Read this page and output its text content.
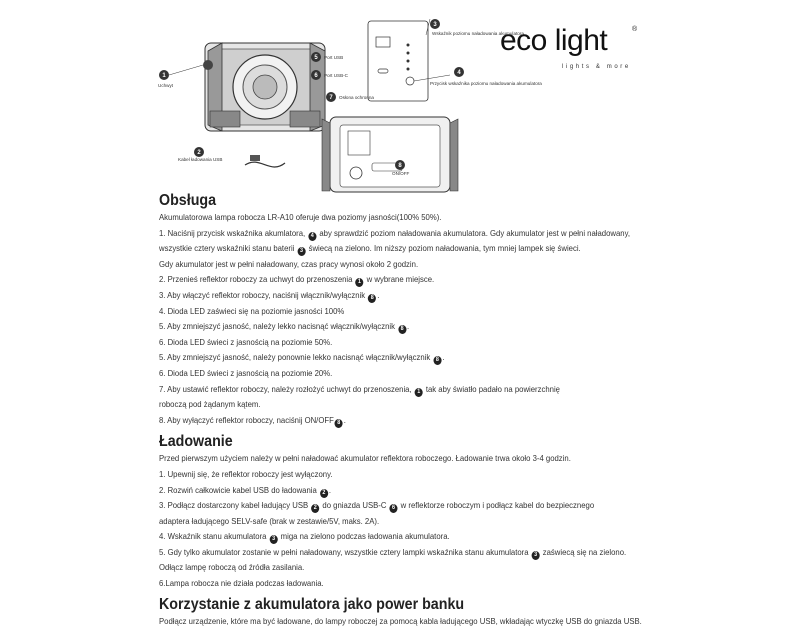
1
Uchwyt
2
Kabel ładowania USB
3
Wskaźnik poziomu naładowania akumulatora
5 Port USB
6 Port USB-C
7 Osłona ochronna
4
Przycisk wskaźnika poziomu naładowania akumulatora
8
ON/OFF
eco light	®
lights & more
Obsługa

Akumulatorowa lampa robocza LR-A10 oferuje dwa poziomy jasności(100% 50%).

1. Naciśnij przycisk wskaźnika akumlatora, 4 aby sprawdzić poziom naładowania akumulatora. Gdy akumulator jest w pełni naładowany,

wszystkie cztery wskaźniki stanu baterii 3 świecą na zielono. Im niższy poziom naładowania, tym mniej lampek się świeci.

Gdy akumulator jest w pełni naładowany, czas pracy wynosi około 2 godzin.

2. Przenieś reflektor roboczy za uchwyt do przenoszenia 1 w wybrane miejsce.

3. Aby włączyć reflektor roboczy, naciśnij włącznik/wyłącznik 8 .

4. Dioda LED zaświeci się na poziomie jasności 100%

5. Aby zmniejszyć jasność, należy lekko nacisnąć włącznik/wyłącznik 8 .

6. Dioda LED świeci z jasnością na poziomie 50%.

5. Aby zmniejszyć jasność, należy ponownie lekko nacisnąć włącznik/wyłącznik 8 .

6. Dioda LED świeci z jasnością na poziomie 20%.

7. Aby ustawić reflektor roboczy, należy rozłożyć uchwyt do przenoszenia, 1 tak aby światło padało na powierzchnię

roboczą pod żądanym kątem.

8. Aby wyłączyć reflektor roboczy, naciśnij ON/OFF 8 .

Ładowanie

Przed pierwszym użyciem należy w pełni naładować akumulator reflektora roboczego. Ładowanie trwa około 3-4 godzin.

1. Upewnij się, że reflektor roboczy jest wyłączony.

2. Rozwiń całkowicie kabel USB do ładowania 2 .

3. Podłącz dostarczony kabel ładujący USB 2 do gniazda USB-C 6 w reflektorze roboczym i podłącz kabel do bezpiecznego

adaptera ładującego SELV-safe (brak w zestawie/5V, maks. 2A).

4. Wskaźnik stanu akumulatora 3 miga na zielono podczas ładowania akumulatora.

5. Gdy tylko akumulator zostanie w pełni naładowany, wszystkie cztery lampki wskaźnika stanu akumulatora 3 zaświecą się na zielono.

Odłącz lampę roboczą od źródła zasilania.

6.Lampa robocza nie działa podczas ładowania.

Korzystanie z akumulatora jako power banku

Podłącz urządzenie, które ma być ładowane, do lampy roboczej za pomocą kabla ładującego USB, wkładając wtyczkę USB do gniazda USB.
